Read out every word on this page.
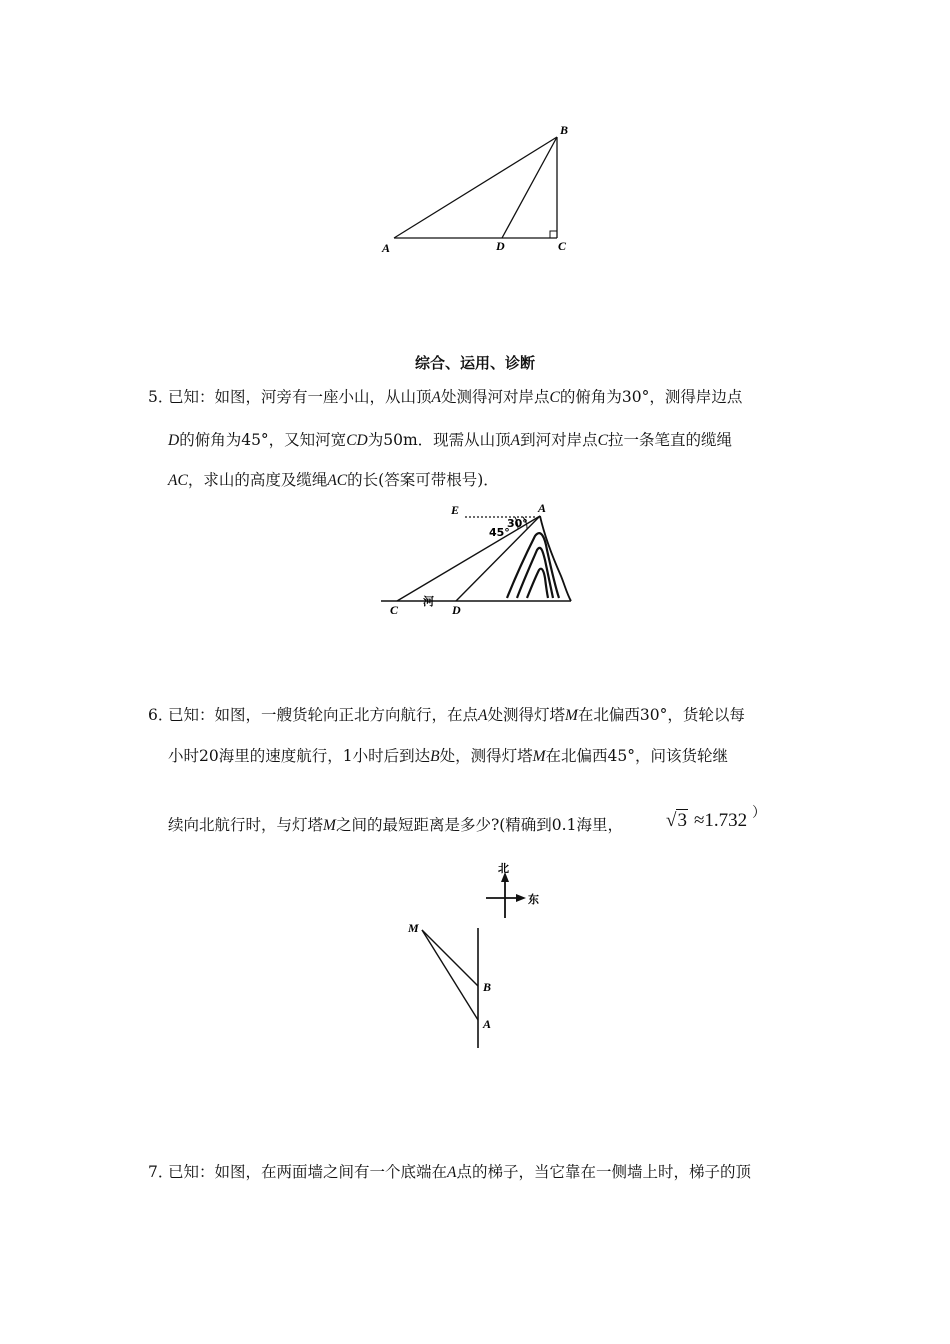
B
A	D	C
综合、运用、诊断
5．
已知：如图，河旁有一座小山，从山顶A处测得河对岸点C的俯角为30°，测得岸边点
D的俯角为45°，又知河宽CD为50m．现需从山顶A到河对岸点C拉一条笔直的缆绳
AC，求山的高度及缆绳AC的长(答案可带根号)．
E	A
30°
45°
C
河
D
6．
已知：如图，一艘货轮向正北方向航行，在点A处测得灯塔M在北偏西30°，货轮以每
小时20海里的速度航行，1小时后到达B处，测得灯塔M在北偏西45°，问该货轮继
续向北航行时，与灯塔M之间的最短距离是多少?(精确到0.1海里， √3 ≈1.732 ）
北
东
M
B
A
7．
已知：如图，在两面墙之间有一个底端在A点的梯子，当它靠在一侧墙上时，梯子的顶
